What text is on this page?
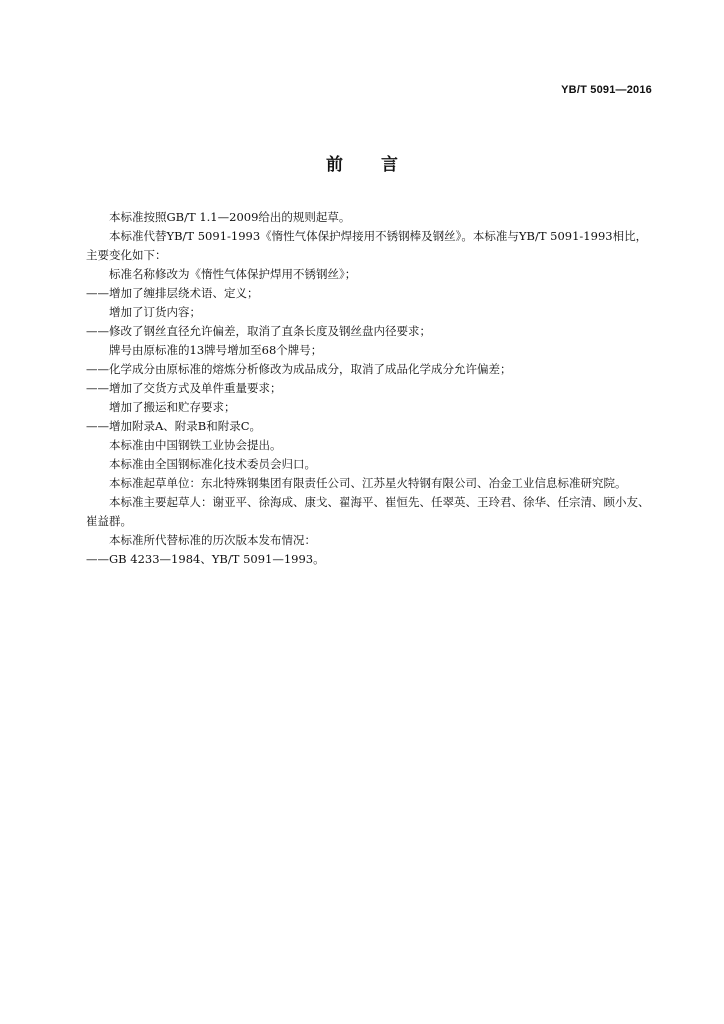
YB/T 5091—2016
前言

本标准按照GB/T 1.1—2009给出的规则起草。

本标准代替YB/T 5091-1993《惰性气体保护焊接用不锈钢棒及钢丝》。本标准与YB/T 5091-1993相比，主要变化如下：

标准名称修改为《惰性气体保护焊用不锈钢丝》；

——增加了缠排层绕术语、定义；

增加了订货内容；

——修改了钢丝直径允许偏差，取消了直条长度及钢丝盘内径要求；

牌号由原标准的13牌号增加至68个牌号；

——化学成分由原标准的熔炼分析修改为成品成分，取消了成品化学成分允许偏差；

——增加了交货方式及单件重量要求；

增加了搬运和贮存要求；

——增加附录A、附录B和附录C。

本标准由中国钢铁工业协会提出。

本标准由全国钢标准化技术委员会归口。

本标准起草单位：东北特殊钢集团有限责任公司、江苏星火特钢有限公司、冶金工业信息标准研究院。

本标准主要起草人：谢亚平、徐海成、康戈、翟海平、崔恒先、任翠英、王玲君、徐华、任宗清、顾小友、崔益群。

本标准所代替标准的历次版本发布情况：

——GB 4233—1984、YB/T 5091—1993。
